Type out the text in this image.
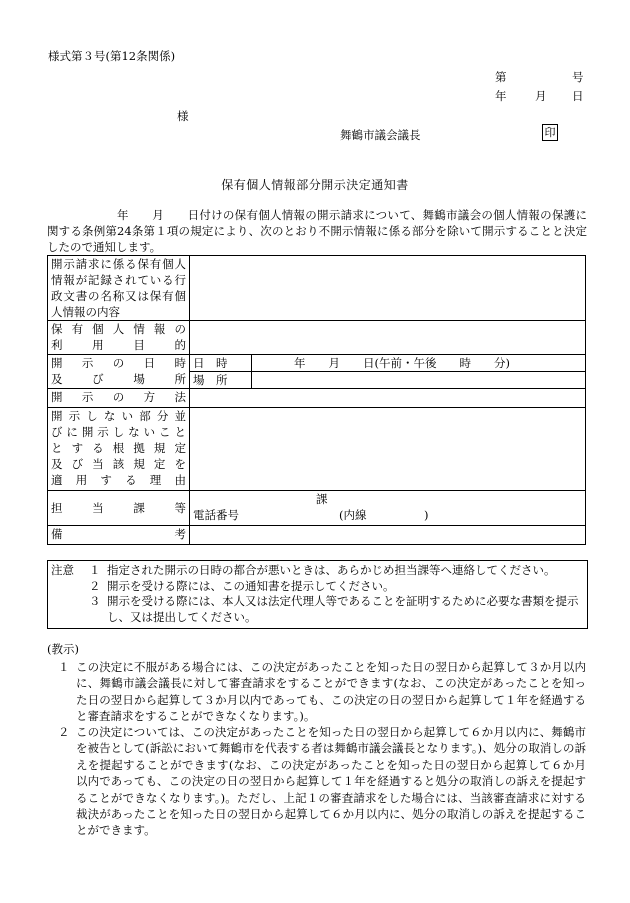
様式第３号(第12条関係)
第	号
年 月 日
様
舞鶴市議会議長	印
保有個人情報部分開示決定通知書
年　　月　　日付けの保有個人情報の開示請求について、舞鶴市議会の個人情報の保護に関する条例第24条第１項の規定により、次のとおり不開示情報に係る部分を除いて開示することと決定したので通知します。
開示請求に係る保有個人情報が記録されている行政文書の名称又は保有個人情報の内容		

保有個人情報の
利用目的		

開示の日時
及び場所	日　時	年　　月　　日(午前・午後　　時　　分)
	場　所	

開示の方法		

開示しない部分並
びに開示しないこと
とする根拠規定
及び当該規定を
適用する理由		

担当課等	課
電話番号 (内線　　　　　)	

備考		

注意	１ 指定された開示の日時の都合が悪いときは、あらかじめ担当課等へ連絡してください。
２ 開示を受ける際には、この通知書を提示してください。
３ 開示を受ける際には、本人又は法定代理人等であることを証明するために必要な書類を提示し、又は提出してください。
(教示)
１ この決定に不服がある場合には、この決定があったことを知った日の翌日から起算して３か月以内に、舞鶴市議会議長に対して審査請求をすることができます(なお、この決定があったことを知った日の翌日から起算して３か月以内であっても、この決定の日の翌日から起算して１年を経過すると審査請求をすることができなくなります。)。
２ この決定については、この決定があったことを知った日の翌日から起算して６か月以内に、舞鶴市を被告として(訴訟において舞鶴市を代表する者は舞鶴市議会議長となります。)、処分の取消しの訴えを提起することができます(なお、この決定があったことを知った日の翌日から起算して６か月以内であっても、この決定の日の翌日から起算して１年を経過すると処分の取消しの訴えを提起することができなくなります。)。ただし、上記１の審査請求をした場合には、当該審査請求に対する裁決があったことを知った日の翌日から起算して６か月以内に、処分の取消しの訴えを提起することができます。
